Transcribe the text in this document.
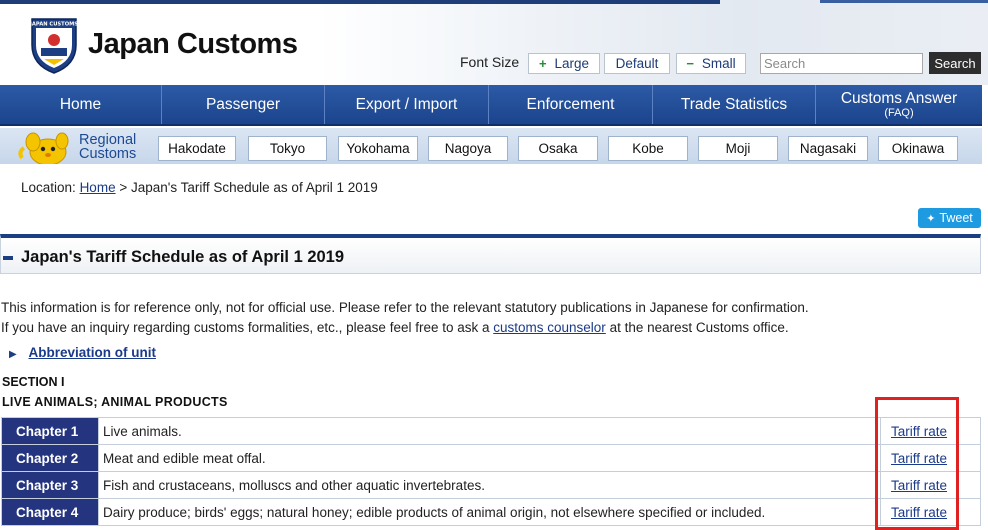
JAPAN CUSTOMS
Japan Customs
Font Size + Large Default − Small
Search	Search
Home	Passenger	Export / Import	Enforcement	Trade Statistics	Customs Answer
(FAQ)
Regional
Customs	Hakodate	Tokyo	Yokohama	Nagoya	Osaka	Kobe	Moji	Nagasaki	Okinawa
Location: Home > Japan's Tariff Schedule as of April 1 2019
✦ Tweet
Japan's Tariff Schedule as of April 1 2019
This information is for reference only, not for official use. Please refer to the relevant statutory publications in Japanese for confirmation.
If you have an inquiry regarding customs formalities, etc., please feel free to ask a customs counselor at the nearest Customs office.
▶ Abbreviation of unit
SECTION I
LIVE ANIMALS; ANIMAL PRODUCTS
Chapter 1	Live animals.	Tariff rate
Chapter 2	Meat and edible meat offal.	Tariff rate
Chapter 3	Fish and crustaceans, molluscs and other aquatic invertebrates.	Tariff rate
Chapter 4	Dairy produce; birds' eggs; natural honey; edible products of animal origin, not elsewhere specified or included.	Tariff rate
